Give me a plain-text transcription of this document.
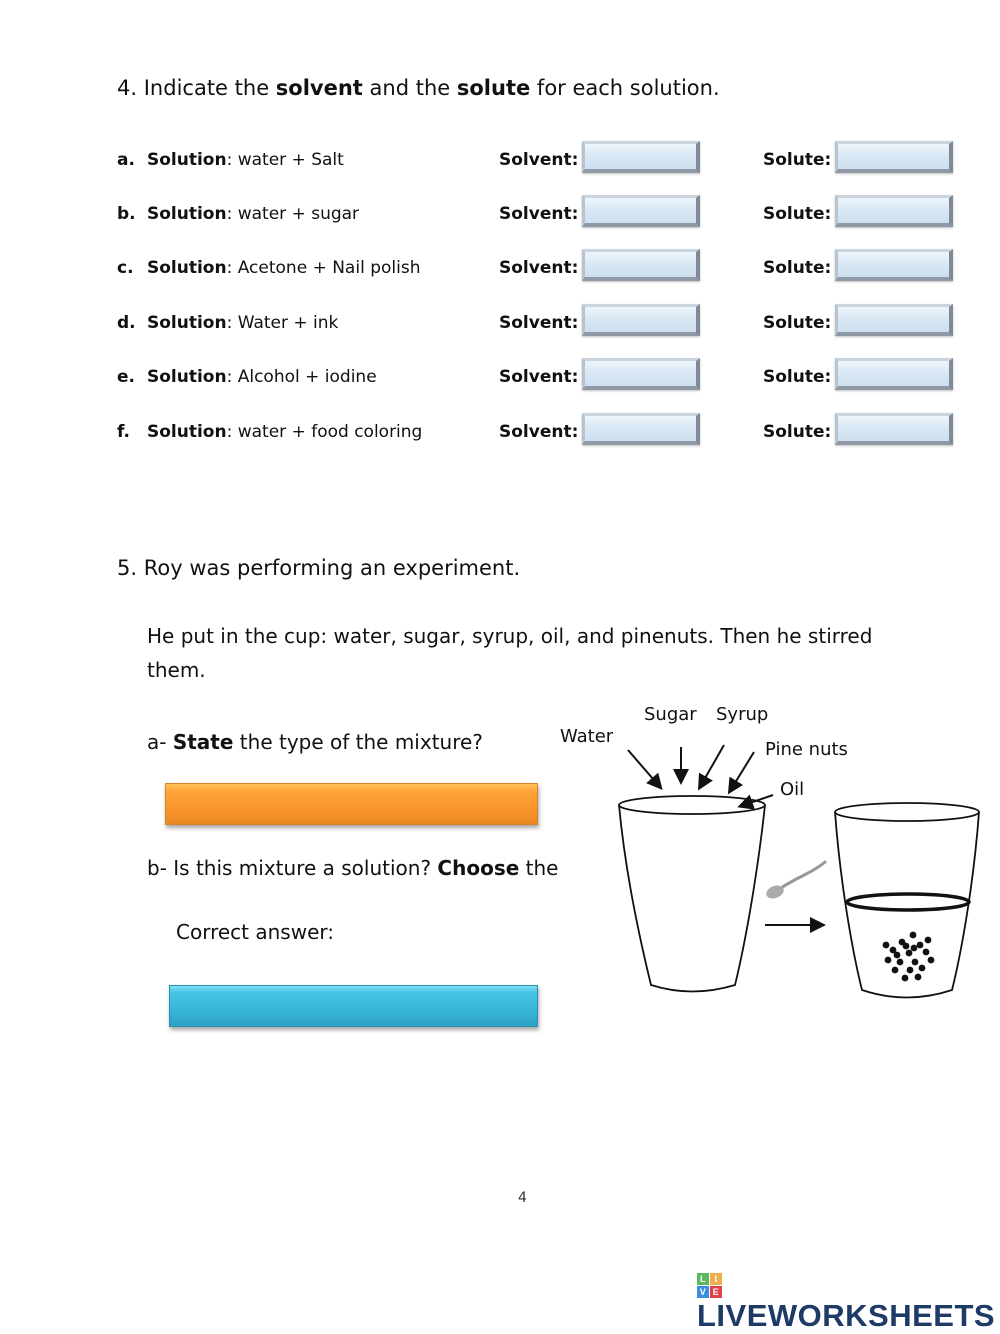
4. Indicate the solvent and the solute for each solution.
a. Solution: water + Salt	Solvent:	Solute:
b. Solution: water + sugar	Solvent:	Solute:
c. Solution: Acetone + Nail polish	Solvent:	Solute:
d. Solution: Water + ink	Solvent:	Solute:
e. Solution: Alcohol + iodine	Solvent:	Solute:
f. Solution: water + food coloring	Solvent:	Solute:
5. Roy was performing an experiment.
He put in the cup: water, sugar, syrup, oil, and pinenuts. Then he stirred
them.
a- State the type of the mixture?
b- Is this mixture a solution? Choose the
Correct answer:
Water
Sugar Syrup
Pine nuts
Oil
4
L I
V E
LIVEWORKSHEETS
